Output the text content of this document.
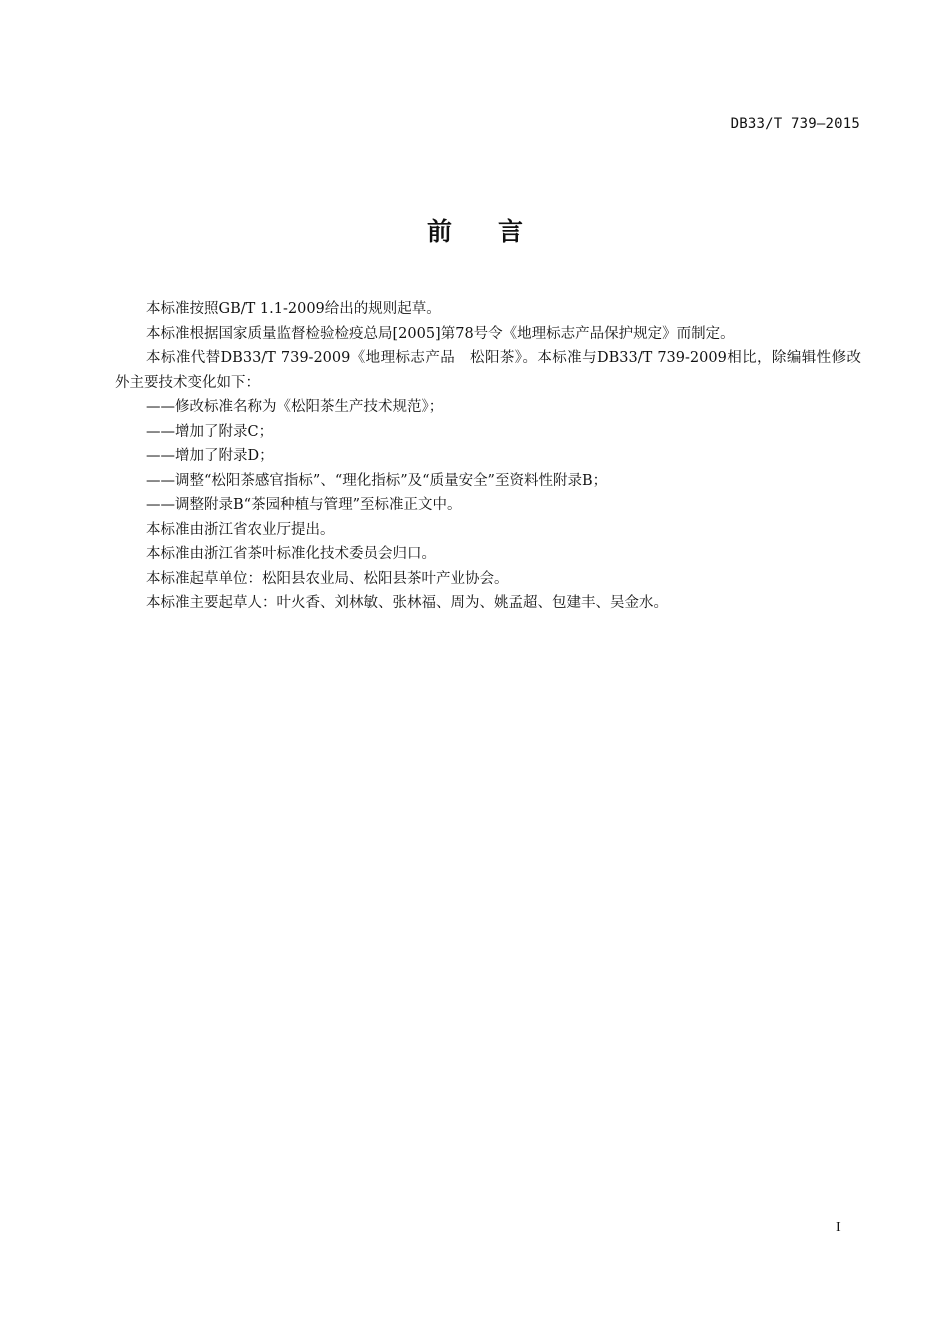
DB33/T 739—2015
前言

本标准按照GB/T 1.1-2009给出的规则起草。

本标准根据国家质量监督检验检疫总局[2005]第78号令《地理标志产品保护规定》而制定。

本标准代替DB33/T 739-2009《地理标志产品　松阳茶》。本标准与DB33/T 739-2009相比，除编辑性修改外主要技术变化如下：

——修改标准名称为《松阳茶生产技术规范》；

——增加了附录C；

——增加了附录D；

——调整“松阳茶感官指标”、“理化指标”及“质量安全”至资料性附录B；

——调整附录B“茶园种植与管理”至标准正文中。

本标准由浙江省农业厅提出。

本标准由浙江省茶叶标准化技术委员会归口。

本标准起草单位：松阳县农业局、松阳县茶叶产业协会。

本标准主要起草人：叶火香、刘林敏、张林福、周为、姚孟超、包建丰、吴金水。

I
